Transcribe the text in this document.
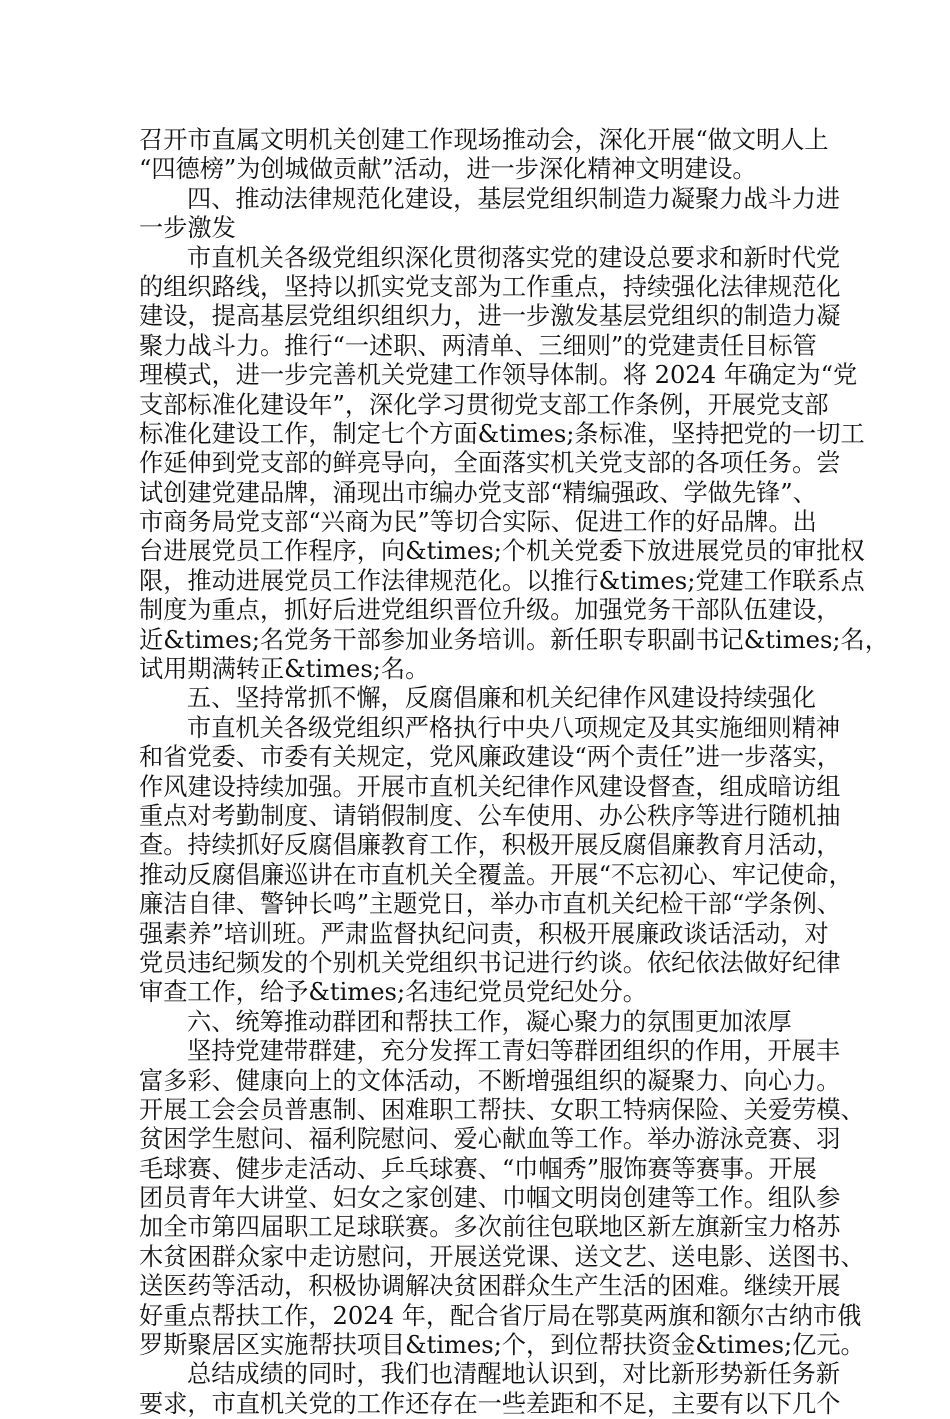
召开市直属文明机关创建工作现场推动会，深化开展“做文明人上
“四德榜”为创城做贡献”活动，进一步深化精神文明建设。
四、推动法律规范化建设，基层党组织制造力凝聚力战斗力进
一步激发
市直机关各级党组织深化贯彻落实党的建设总要求和新时代党
的组织路线，坚持以抓实党支部为工作重点，持续强化法律规范化
建设，提高基层党组织组织力，进一步激发基层党组织的制造力凝
聚力战斗力。推行“一述职、两清单、三细则”的党建责任目标管
理模式，进一步完善机关党建工作领导体制。将 2024 年确定为“党
支部标准化建设年”，深化学习贯彻党支部工作条例，开展党支部
标准化建设工作，制定七个方面&times;条标准，坚持把党的一切工
作延伸到党支部的鲜亮导向，全面落实机关党支部的各项任务。尝
试创建党建品牌，涌现出市编办党支部“精编强政、学做先锋”、
市商务局党支部“兴商为民”等切合实际、促进工作的好品牌。出
台进展党员工作程序，向&times;个机关党委下放进展党员的审批权
限，推动进展党员工作法律规范化。以推行&times;党建工作联系点
制度为重点，抓好后进党组织晋位升级。加强党务干部队伍建设，
近&times;名党务干部参加业务培训。新任职专职副书记&times;名，
试用期满转正&times;名。
五、坚持常抓不懈，反腐倡廉和机关纪律作风建设持续强化
市直机关各级党组织严格执行中央八项规定及其实施细则精神
和省党委、市委有关规定，党风廉政建设“两个责任”进一步落实，
作风建设持续加强。开展市直机关纪律作风建设督查，组成暗访组
重点对考勤制度、请销假制度、公车使用、办公秩序等进行随机抽
查。持续抓好反腐倡廉教育工作，积极开展反腐倡廉教育月活动，
推动反腐倡廉巡讲在市直机关全覆盖。开展“不忘初心、牢记使命，
廉洁自律、警钟长鸣”主题党日，举办市直机关纪检干部“学条例、
强素养”培训班。严肃监督执纪问责，积极开展廉政谈话活动，对
党员违纪频发的个别机关党组织书记进行约谈。依纪依法做好纪律
审查工作，给予&times;名违纪党员党纪处分。
六、统筹推动群团和帮扶工作，凝心聚力的氛围更加浓厚
坚持党建带群建，充分发挥工青妇等群团组织的作用，开展丰
富多彩、健康向上的文体活动，不断增强组织的凝聚力、向心力。
开展工会会员普惠制、困难职工帮扶、女职工特病保险、关爱劳模、
贫困学生慰问、福利院慰问、爱心献血等工作。举办游泳竞赛、羽
毛球赛、健步走活动、乒乓球赛、“巾帼秀”服饰赛等赛事。开展
团员青年大讲堂、妇女之家创建、巾帼文明岗创建等工作。组队参
加全市第四届职工足球联赛。多次前往包联地区新左旗新宝力格苏
木贫困群众家中走访慰问，开展送党课、送文艺、送电影、送图书、
送医药等活动，积极协调解决贫困群众生产生活的困难。继续开展
好重点帮扶工作，2024 年，配合省厅局在鄂莫两旗和额尔古纳市俄
罗斯聚居区实施帮扶项目&times;个，到位帮扶资金&times;亿元。
总结成绩的同时，我们也清醒地认识到，对比新形势新任务新
要求，市直机关党的工作还存在一些差距和不足，主要有以下几个
